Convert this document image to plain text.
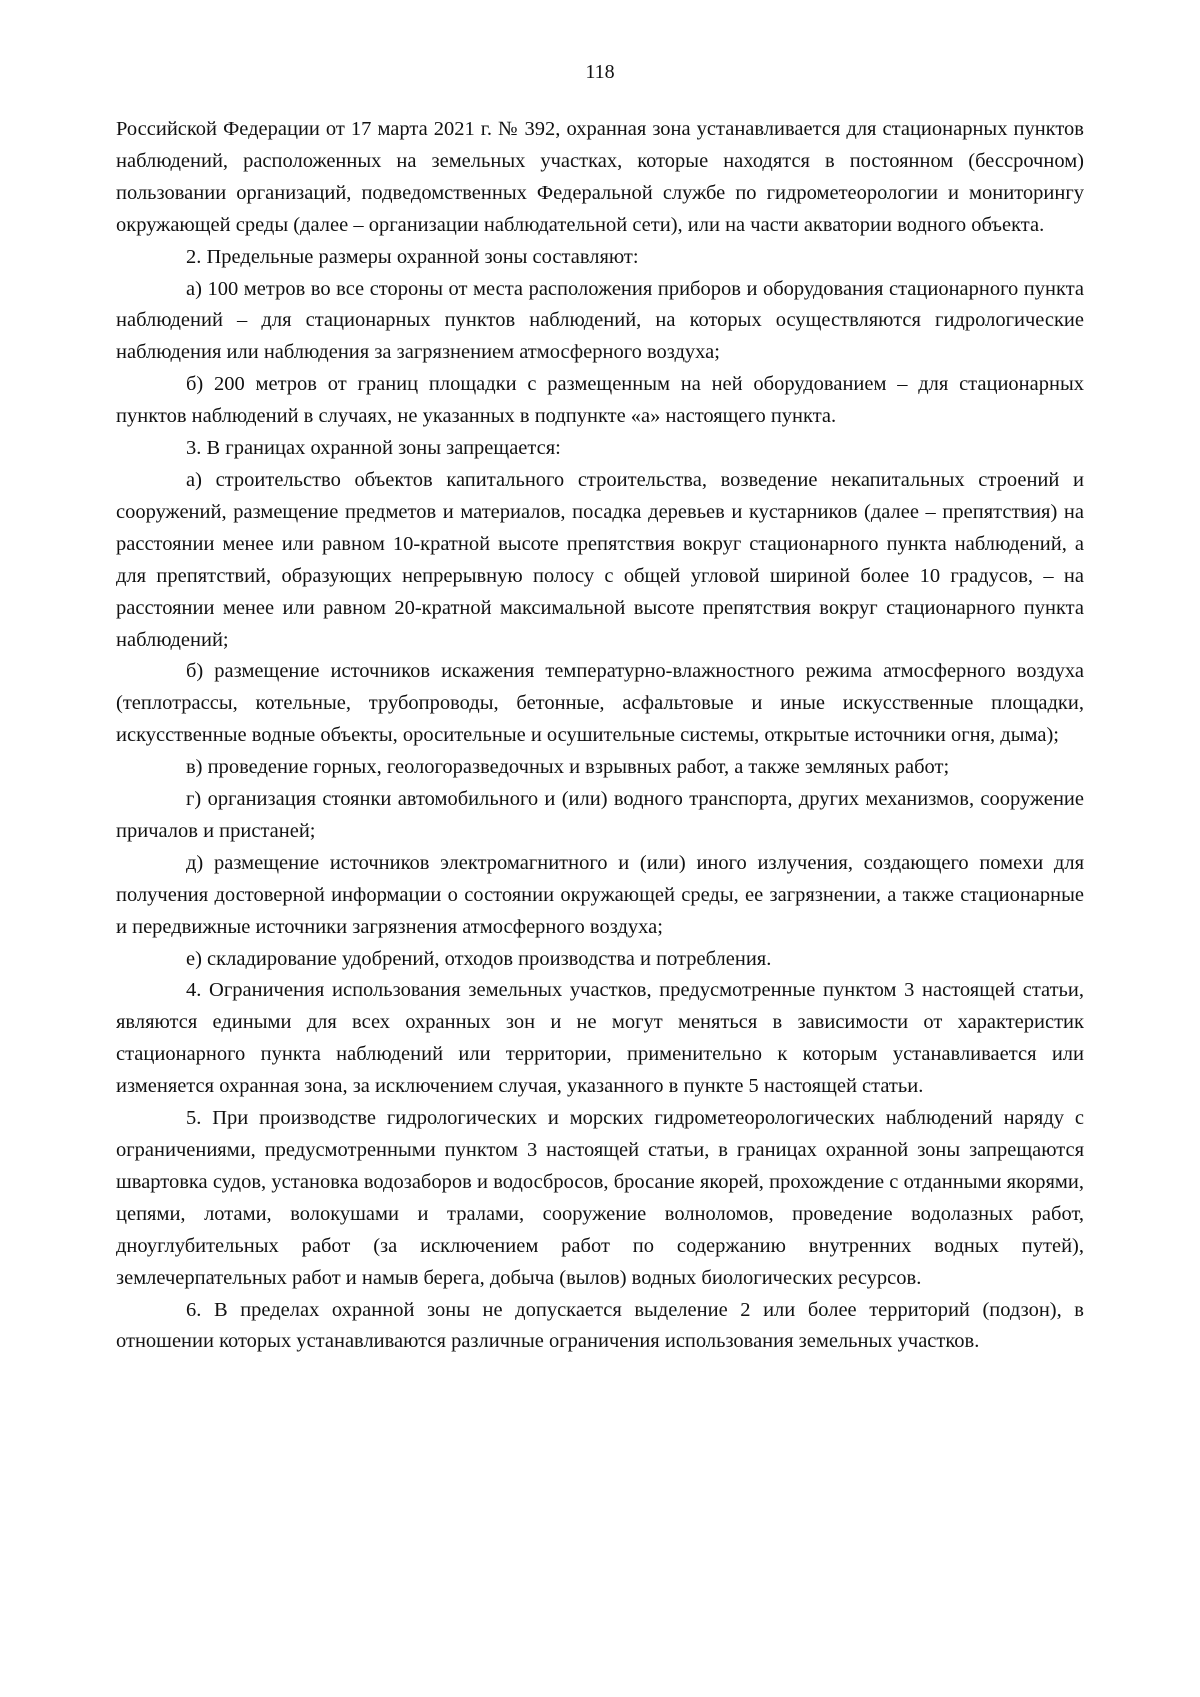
118

Российской Федерации от 17 марта 2021 г. № 392, охранная зона устанавливается для стационарных пунктов наблюдений, расположенных на земельных участках, которые находятся в постоянном (бессрочном) пользовании организаций, подведомственных Федеральной службе по гидрометеорологии и мониторингу окружающей среды (далее – организации наблюдательной сети), или на части акватории водного объекта.

2. Предельные размеры охранной зоны составляют:

а) 100 метров во все стороны от места расположения приборов и оборудования стационарного пункта наблюдений – для стационарных пунктов наблюдений, на которых осуществляются гидрологические наблюдения или наблюдения за загрязнением атмосферного воздуха;

б) 200 метров от границ площадки с размещенным на ней оборудованием – для стационарных пунктов наблюдений в случаях, не указанных в подпункте «а» настоящего пункта.

3. В границах охранной зоны запрещается:

а) строительство объектов капитального строительства, возведение некапитальных строений и сооружений, размещение предметов и материалов, посадка деревьев и кустарников (далее – препятствия) на расстоянии менее или равном 10-кратной высоте препятствия вокруг стационарного пункта наблюдений, а для препятствий, образующих непрерывную полосу с общей угловой шириной более 10 градусов, – на расстоянии менее или равном 20-кратной максимальной высоте препятствия вокруг стационарного пункта наблюдений;

б) размещение источников искажения температурно-влажностного режима атмосферного воздуха (теплотрассы, котельные, трубопроводы, бетонные, асфальтовые и иные искусственные площадки, искусственные водные объекты, оросительные и осушительные системы, открытые источники огня, дыма);

в) проведение горных, геологоразведочных и взрывных работ, а также земляных работ;

г) организация стоянки автомобильного и (или) водного транспорта, других механизмов, сооружение причалов и пристаней;

д) размещение источников электромагнитного и (или) иного излучения, создающего помехи для получения достоверной информации о состоянии окружающей среды, ее загрязнении, а также стационарные и передвижные источники загрязнения атмосферного воздуха;

е) складирование удобрений, отходов производства и потребления.

4. Ограничения использования земельных участков, предусмотренные пунктом 3 настоящей статьи, являются едиными для всех охранных зон и не могут меняться в зависимости от характеристик стационарного пункта наблюдений или территории, применительно к которым устанавливается или изменяется охранная зона, за исключением случая, указанного в пункте 5 настоящей статьи.

5. При производстве гидрологических и морских гидрометеорологических наблюдений наряду с ограничениями, предусмотренными пунктом 3 настоящей статьи, в границах охранной зоны запрещаются швартовка судов, установка водозаборов и водосбросов, бросание якорей, прохождение с отданными якорями, цепями, лотами, волокушами и тралами, сооружение волноломов, проведение водолазных работ, дноуглубительных работ (за исключением работ по содержанию внутренних водных путей), землечерпательных работ и намыв берега, добыча (вылов) водных биологических ресурсов.

6. В пределах охранной зоны не допускается выделение 2 или более территорий (подзон), в отношении которых устанавливаются различные ограничения использования земельных участков.
